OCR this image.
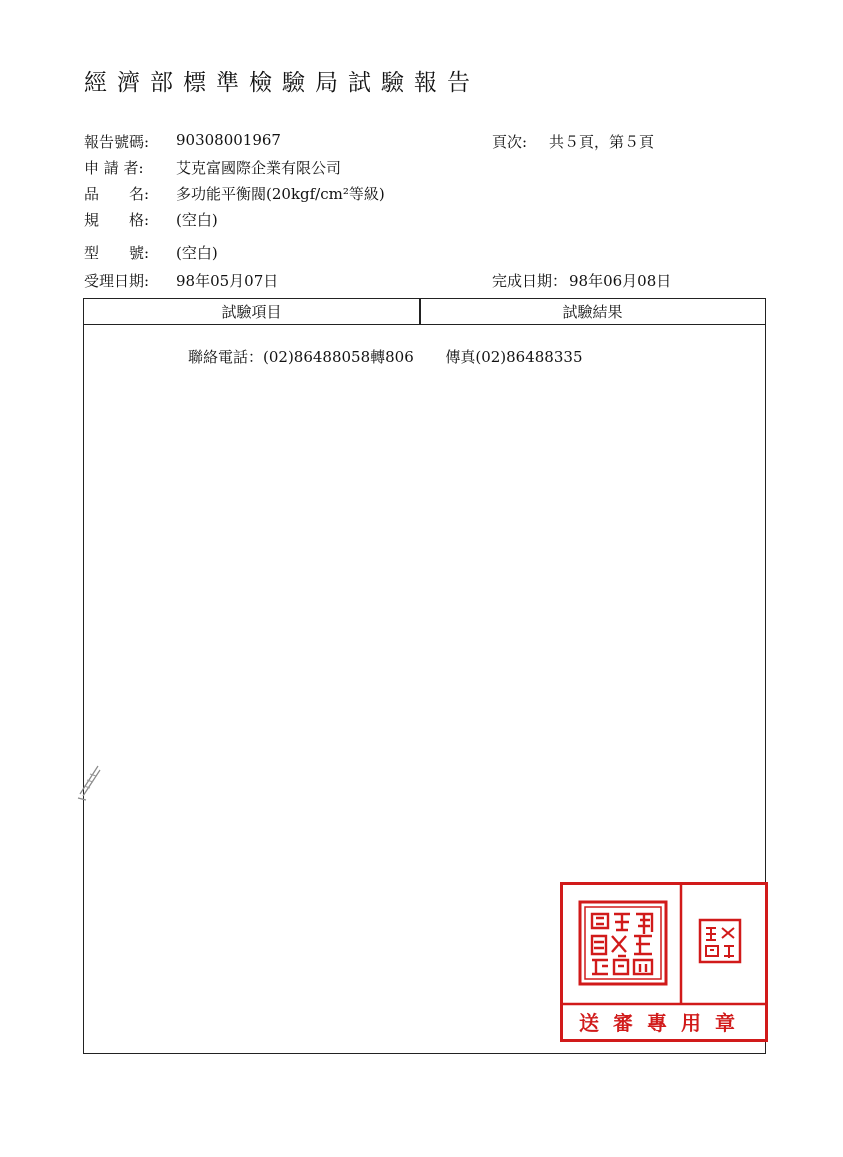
經濟部標準檢驗局試驗報告
報告號碼: 90308001967	頁次: 共５頁，第５頁
申 請 者: 艾克富國際企業有限公司
品　　名: 多功能平衡閥(20kgf/cm²等級)
規　　格: (空白)
型　　號: (空白)
受理日期: 98年05月07日	完成日期： 98年06月08日
試驗項目	試驗結果
聯絡電話：(02)86488058轉806 傳真(02)86488335
送審專用章
